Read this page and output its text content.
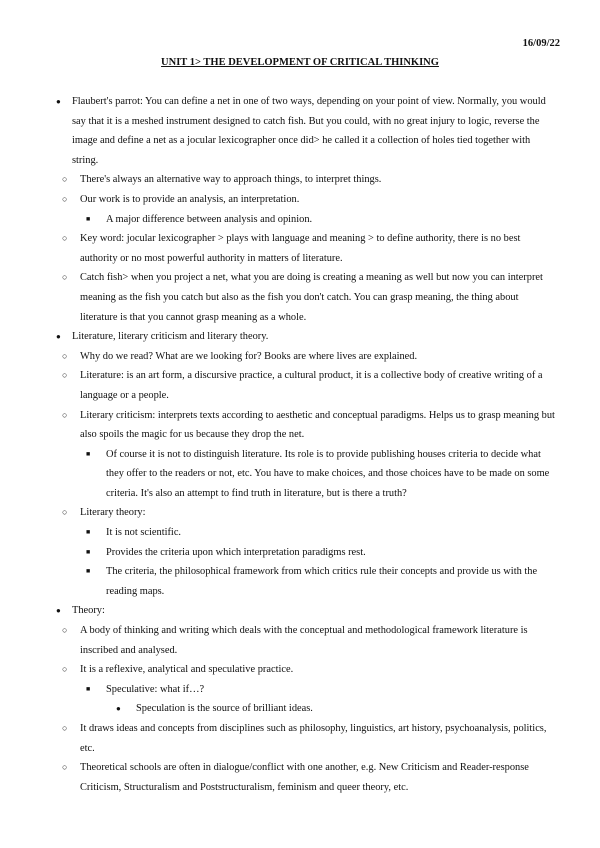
16/09/22
UNIT 1> THE DEVELOPMENT OF CRITICAL THINKING
● Flaubert's parrot: You can define a net in one of two ways, depending on your point of view. Normally, you would say that it is a meshed instrument designed to catch fish. But you could, with no great injury to logic, reverse the image and define a net as a jocular lexicographer once did> he called it a collection of holes tied together with string.
○ There's always an alternative way to approach things, to interpret things.
○ Our work is to provide an analysis, an interpretation.
■ A major difference between analysis and opinion.
○ Key word: jocular lexicographer > plays with language and meaning > to define authority, there is no best authority or no most powerful authority in matters of literature.
○ Catch fish> when you project a net, what you are doing is creating a meaning as well but now you can interpret meaning as the fish you catch but also as the fish you don't catch. You can grasp meaning, the thing about literature is that you cannot grasp meaning as a whole.
● Literature, literary criticism and literary theory.
○ Why do we read? What are we looking for? Books are where lives are explained.
○ Literature: is an art form, a discursive practice, a cultural product, it is a collective body of creative writing of a language or a people.
○ Literary criticism: interprets texts according to aesthetic and conceptual paradigms. Helps us to grasp meaning but also spoils the magic for us because they drop the net.
■ Of course it is not to distinguish literature. Its role is to provide publishing houses criteria to decide what they offer to the readers or not, etc. You have to make choices, and those choices have to be made on some criteria. It's also an attempt to find truth in literature, but is there a truth?
○ Literary theory:
■ It is not scientific.
■ Provides the criteria upon which interpretation paradigms rest.
■ The criteria, the philosophical framework from which critics rule their concepts and provide us with the reading maps.
● Theory:
○ A body of thinking and writing which deals with the conceptual and methodological framework literature is inscribed and analysed.
○ It is a reflexive, analytical and speculative practice.
■ Speculative: what if…?
● Speculation is the source of brilliant ideas.
○ It draws ideas and concepts from disciplines such as philosophy, linguistics, art history, psychoanalysis, politics, etc.
○ Theoretical schools are often in dialogue/conflict with one another, e.g. New Criticism and Reader-response Criticism, Structuralism and Poststructuralism, feminism and queer theory, etc.
